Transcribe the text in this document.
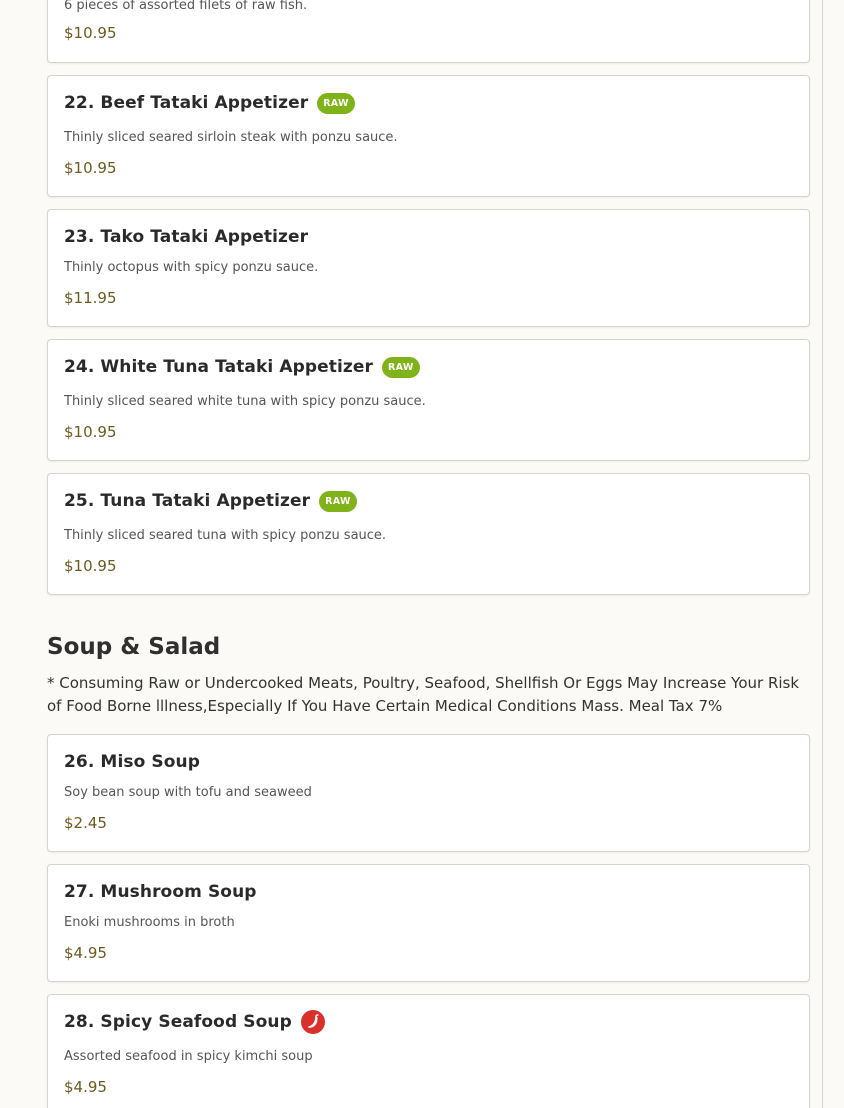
6 pieces of assorted filets of raw fish.
$10.95
22. Beef Tataki Appetizer	RAW
Thinly sliced seared sirloin steak with ponzu sauce.
$10.95
23. Tako Tataki Appetizer
Thinly octopus with spicy ponzu sauce.
$11.95
24. White Tuna Tataki Appetizer	RAW
Thinly sliced seared white tuna with spicy ponzu sauce.
$10.95
25. Tuna Tataki Appetizer	RAW
Thinly sliced seared tuna with spicy ponzu sauce.
$10.95
Soup & Salad
* Consuming Raw or Undercooked Meats, Poultry, Seafood, Shellfish Or Eggs May Increase Your Risk of Food Borne lllness,Especially If You Have Certain Medical Conditions Mass. Meal Tax 7%
26. Miso Soup
Soy bean soup with tofu and seaweed
$2.45
27. Mushroom Soup
Enoki mushrooms in broth
$4.95
28. Spicy Seafood Soup
Assorted seafood in spicy kimchi soup
$4.95
